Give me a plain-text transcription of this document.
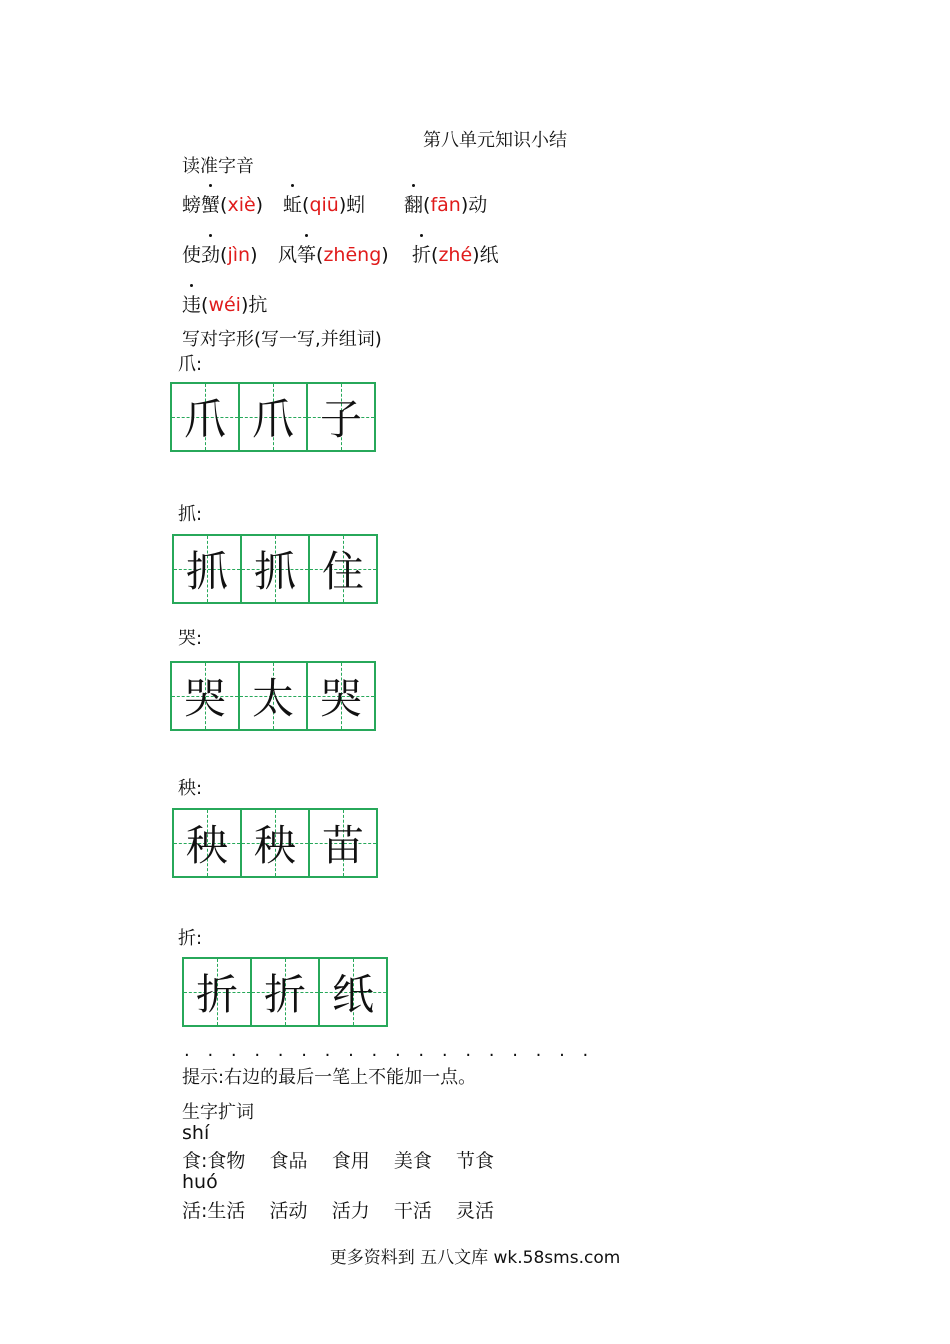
第八单元知识小结
读准字音
螃蟹(xiè) 蚯(qiū)蚓 翻(fān)动
使劲(jìn) 风筝(zhēng) 折(zhé)纸
违(wéi)抗
写对字形(写一写,并组词)
爪:
爪 爪 子
抓:
抓 抓 住
哭:
哭 太 哭
秧:
秧 秧 苗
折:
折 折 纸
. . . . . . . . . . . . . . . . . .
提示:右边的最后一笔上不能加一点。
生字扩词
shí
食:食物    食品    食用    美食    节食
huó
活:生活    活动    活力    干活    灵活
更多资料到 五八文库 wk.58sms.com
